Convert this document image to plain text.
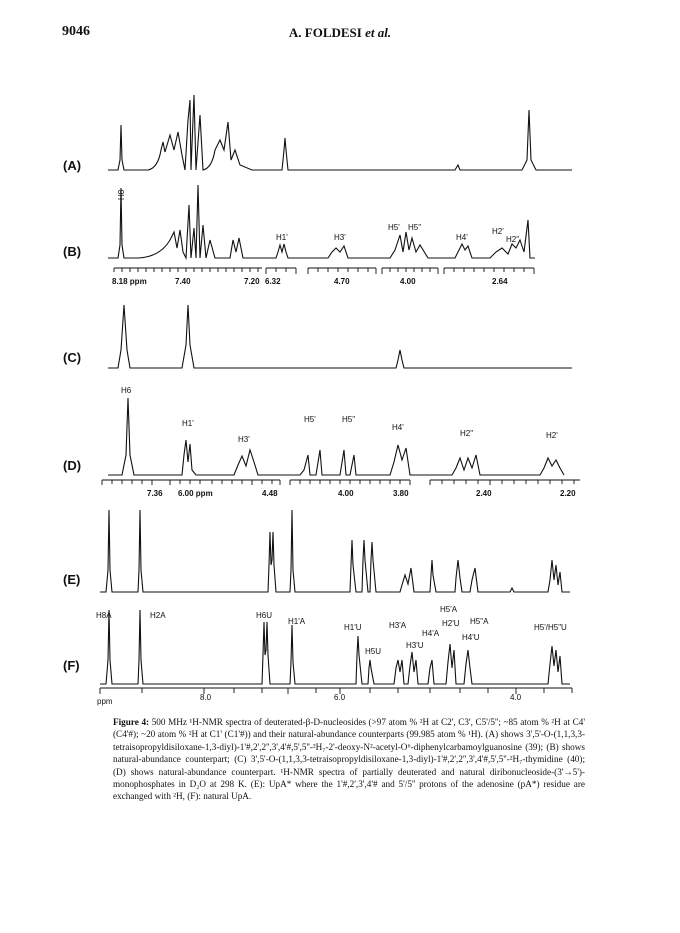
9046	A. FOLDESI et al.
(A)
(B)
(C)
(D)
(E)
(F)
H8
H1'	H3'
H5' H5''
H4'
H2'
H2''
8.18 ppm	7.40	7.20 6.32	4.70	4.00	2.64
H6
H1'
H3'
H5'	H5''
H4'
H2''	H2'
7.36 6.00 ppm	4.48	4.00	3.80	2.40	2.20
H8A	H2A	H6U
H1'A
H1'U
H5U
H3'A
H3'U
H4'A
H5'A
H2'U H5"A
H4'U
H5'/H5"U
ppm	8.0	6.0	4.0
Figure 4: 500 MHz ¹H-NMR spectra of deuterated-β-D-nucleosides (>97 atom % ²H at C2', C3', C5'/5''; ~85 atom % ²H at C4' (C4'#); ~20 atom % ²H at C1' (C1'#)) and their natural-abundance counterparts (99.985 atom % ¹H). (A) shows 3',5'-O-(1,1,3,3-tetraisopropyldisiloxane-1,3-diyl)-1'#,2',2'',3',4'#,5',5''-²H₇-2'-deoxy-N²-acetyl-O⁶-diphenylcarbamoylguanosine (39); (B) shows natural-abundance counterpart; (C) 3',5'-O-(1,1,3,3-tetraisopropyldisiloxane-1,3-diyl)-1'#,2',2'',3',4'#,5',5''-²H₇-thymidine (40); (D) shows natural-abundance counterpart. ¹H-NMR spectra of partially deuterated and natural diribonucleoside-(3'→5')-monophosphates in D₂O at 298 K. (E): UpA* where the 1'#,2',3',4'# and 5'/5'' protons of the adenosine (pA*) residue are exchanged with ²H, (F): natural UpA.
